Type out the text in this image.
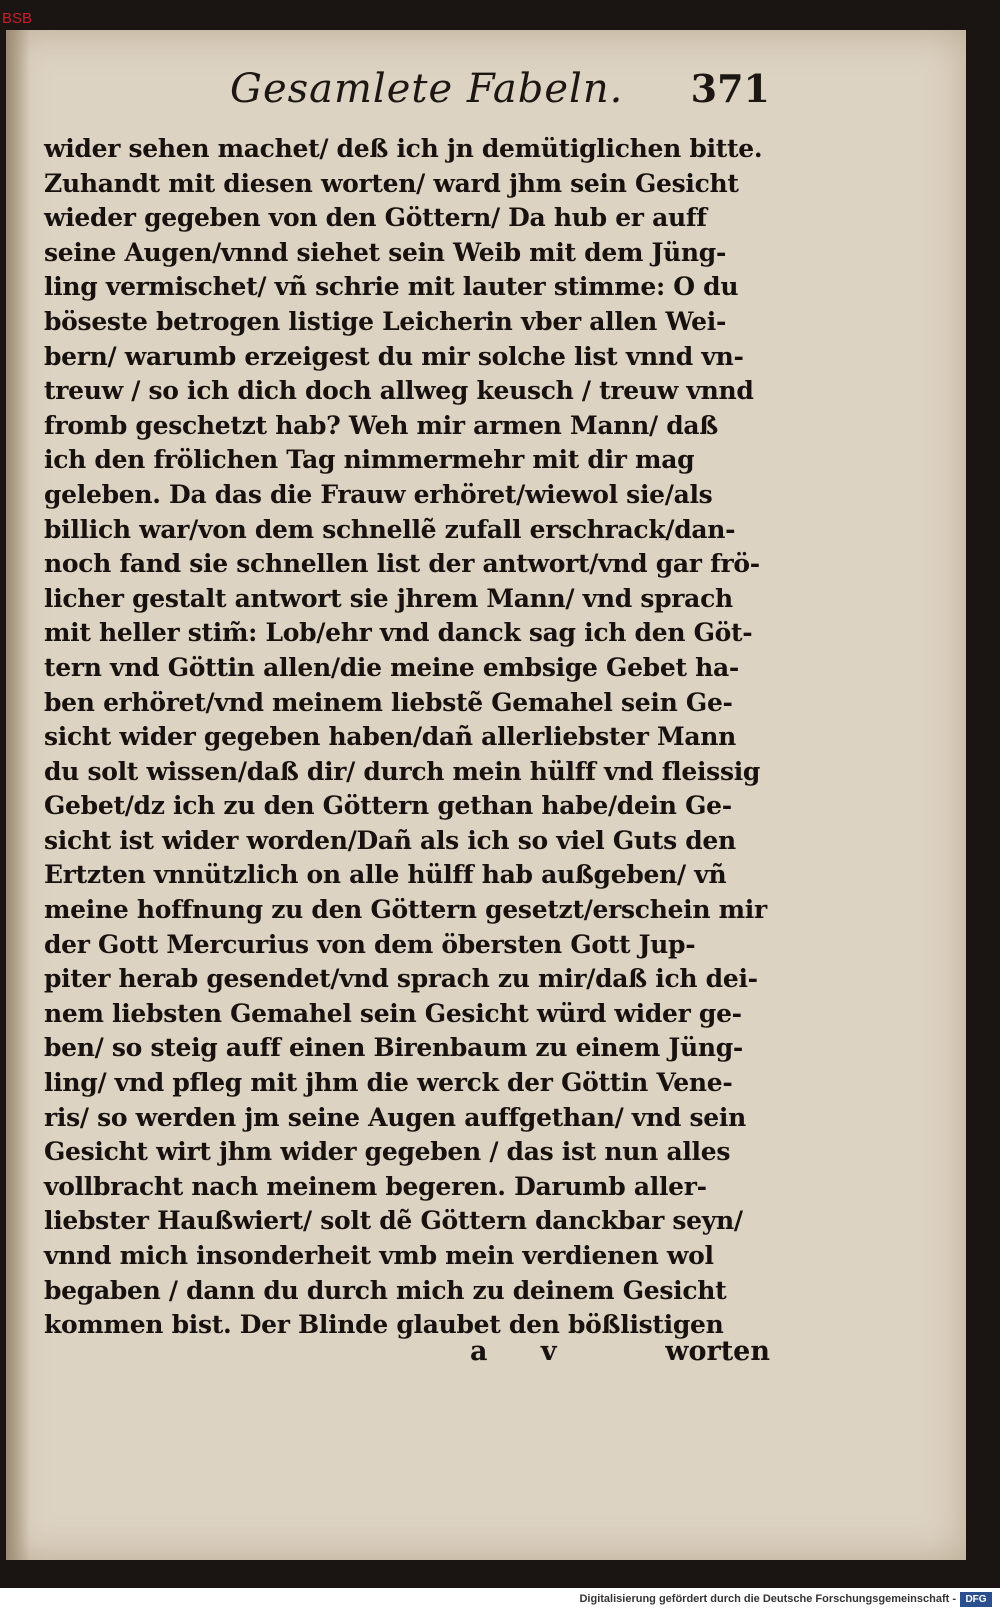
BSB
Gesamlete Fabeln. 371
wider sehen machet/ deß ich jn demütiglichen bitte.
Zuhandt mit diesen worten/ ward jhm sein Gesicht
wieder gegeben von den Göttern/ Da hub er auff
seine Augen/vnnd siehet sein Weib mit dem Jüng-
ling vermischet/ vñ schrie mit lauter stimme: O du
böseste betrogen listige Leicherin vber allen Wei-
bern/ warumb erzeigest du mir solche list vnnd vn-
treuw / so ich dich doch allweg keusch / treuw vnnd
fromb geschetzt hab? Weh mir armen Mann/ daß
ich den frölichen Tag nimmermehr mit dir mag
geleben. Da das die Frauw erhöret/wiewol sie/als
billich war/von dem schnellẽ zufall erschrack/dan-
noch fand sie schnellen list der antwort/vnd gar frö-
licher gestalt antwort sie jhrem Mann/ vnd sprach
mit heller stim̃: Lob/ehr vnd danck sag ich den Göt-
tern vnd Göttin allen/die meine embsige Gebet ha-
ben erhöret/vnd meinem liebstẽ Gemahel sein Ge-
sicht wider gegeben haben/dañ allerliebster Mann
du solt wissen/daß dir/ durch mein hülff vnd fleissig
Gebet/dz ich zu den Göttern gethan habe/dein Ge-
sicht ist wider worden/Dañ als ich so viel Guts den
Ertzten vnnützlich on alle hülff hab außgeben/ vñ
meine hoffnung zu den Göttern gesetzt/erschein mir
der Gott Mercurius von dem öbersten Gott Jup-
piter herab gesendet/vnd sprach zu mir/daß ich dei-
nem liebsten Gemahel sein Gesicht würd wider ge-
ben/ so steig auff einen Birenbaum zu einem Jüng-
ling/ vnd pfleg mit jhm die werck der Göttin Vene-
ris/ so werden jm seine Augen auffgethan/ vnd sein
Gesicht wirt jhm wider gegeben / das ist nun alles
vollbracht nach meinem begeren. Darumb aller-
liebster Haußwiert/ solt dẽ Göttern danckbar seyn/
vnnd mich insonderheit vmb mein verdienen wol
begaben / dann du durch mich zu deinem Gesicht
kommen bist. Der Blinde glaubet den bößlistigen
a v	worten
Digitalisierung gefördert durch die Deutsche Forschungsgemeinschaft - DFG
